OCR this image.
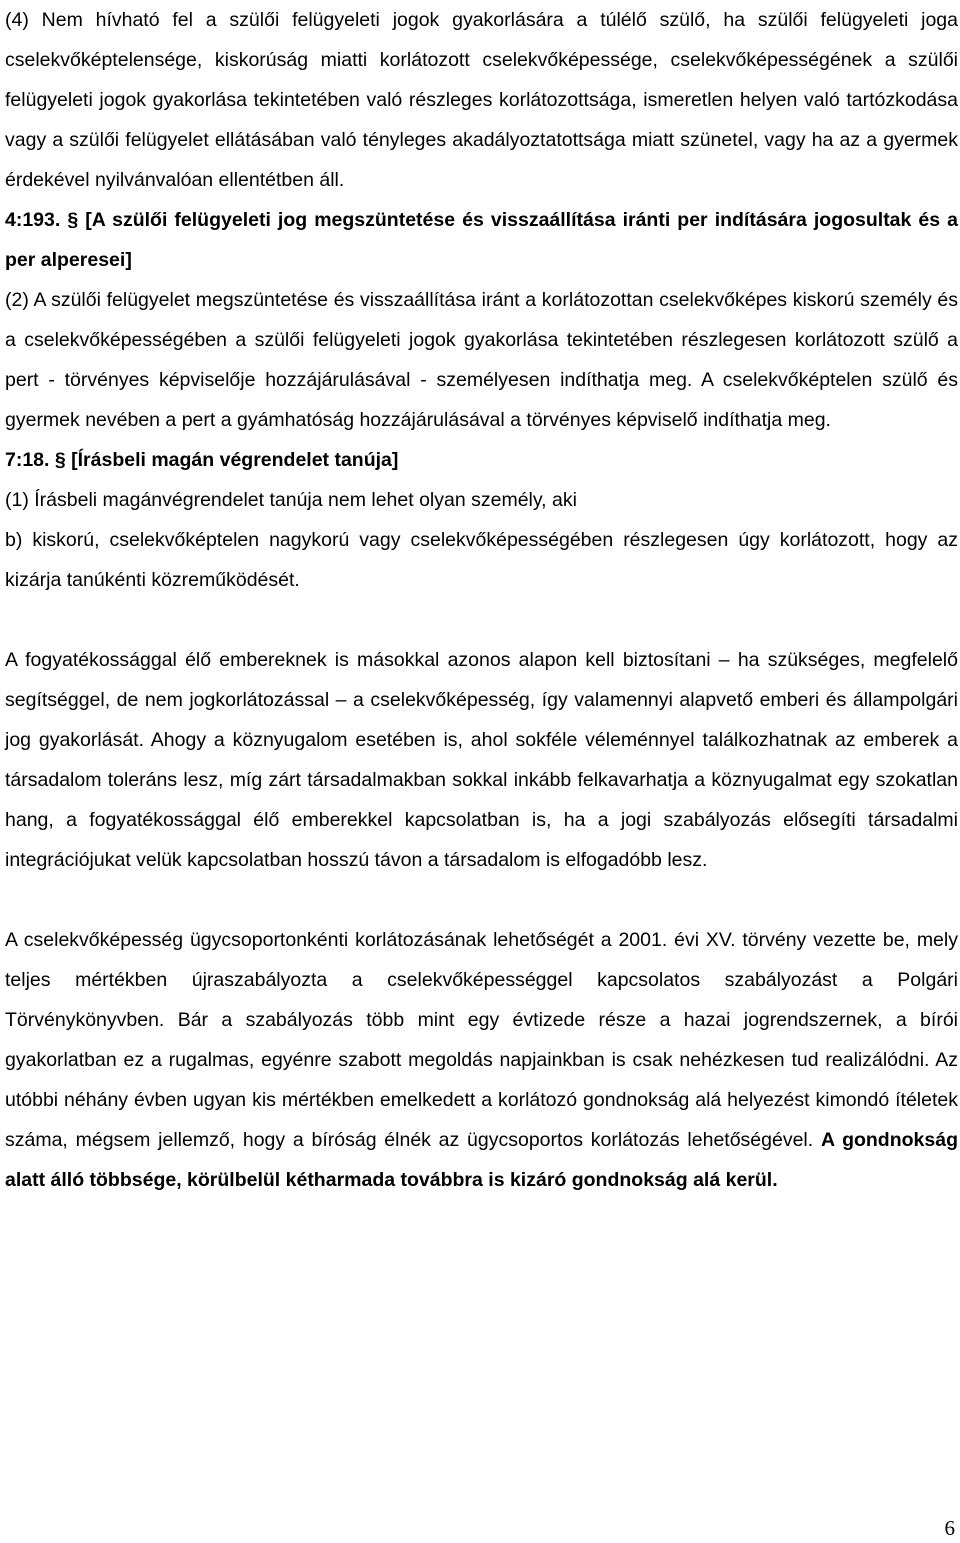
(4) Nem hívható fel a szülői felügyeleti jogok gyakorlására a túlélő szülő, ha szülői felügyeleti joga cselekvőképtelensége, kiskorúság miatti korlátozott cselekvőképessége, cselekvőképességének a szülői felügyeleti jogok gyakorlása tekintetében való részleges korlátozottsága, ismeretlen helyen való tartózkodása vagy a szülői felügyelet ellátásában való tényleges akadályoztatottsága miatt szünetel, vagy ha az a gyermek érdekével nyilvánvalóan ellentétben áll.

4:193. § [A szülői felügyeleti jog megszüntetése és visszaállítása iránti per indítására jogosultak és a per alperesei]

(2) A szülői felügyelet megszüntetése és visszaállítása iránt a korlátozottan cselekvőképes kiskorú személy és a cselekvőképességében a szülői felügyeleti jogok gyakorlása tekintetében részlegesen korlátozott szülő a pert - törvényes képviselője hozzájárulásával - személyesen indíthatja meg. A cselekvőképtelen szülő és gyermek nevében a pert a gyámhatóság hozzájárulásával a törvényes képviselő indíthatja meg.

7:18. § [Írásbeli magán végrendelet tanúja]

(1) Írásbeli magánvégrendelet tanúja nem lehet olyan személy, aki

b) kiskorú, cselekvőképtelen nagykorú vagy cselekvőképességében részlegesen úgy korlátozott, hogy az kizárja tanúkénti közreműködését.

A fogyatékossággal élő embereknek is másokkal azonos alapon kell biztosítani – ha szükséges, megfelelő segítséggel, de nem jogkorlátozással – a cselekvőképesség, így valamennyi alapvető emberi és állampolgári jog gyakorlását. Ahogy a köznyugalom esetében is, ahol sokféle véleménnyel találkozhatnak az emberek a társadalom toleráns lesz, míg zárt társadalmakban sokkal inkább felkavarhatja a köznyugalmat egy szokatlan hang, a fogyatékossággal élő emberekkel kapcsolatban is, ha a jogi szabályozás elősegíti társadalmi integrációjukat velük kapcsolatban hosszú távon a társadalom is elfogadóbb lesz.

A cselekvőképesség ügycsoportonkénti korlátozásának lehetőségét a 2001. évi XV. törvény vezette be, mely teljes mértékben újraszabályozta a cselekvőképességgel kapcsolatos szabályozást a Polgári Törvénykönyvben. Bár a szabályozás több mint egy évtizede része a hazai jogrendszernek, a bírói gyakorlatban ez a rugalmas, egyénre szabott megoldás napjainkban is csak nehézkesen tud realizálódni. Az utóbbi néhány évben ugyan kis mértékben emelkedett a korlátozó gondnokság alá helyezést kimondó ítéletek száma, mégsem jellemző, hogy a bíróság élnék az ügycsoportos korlátozás lehetőségével. A gondnokság alatt álló többsége, körülbelül kétharmada továbbra is kizáró gondnokság alá kerül.

6
